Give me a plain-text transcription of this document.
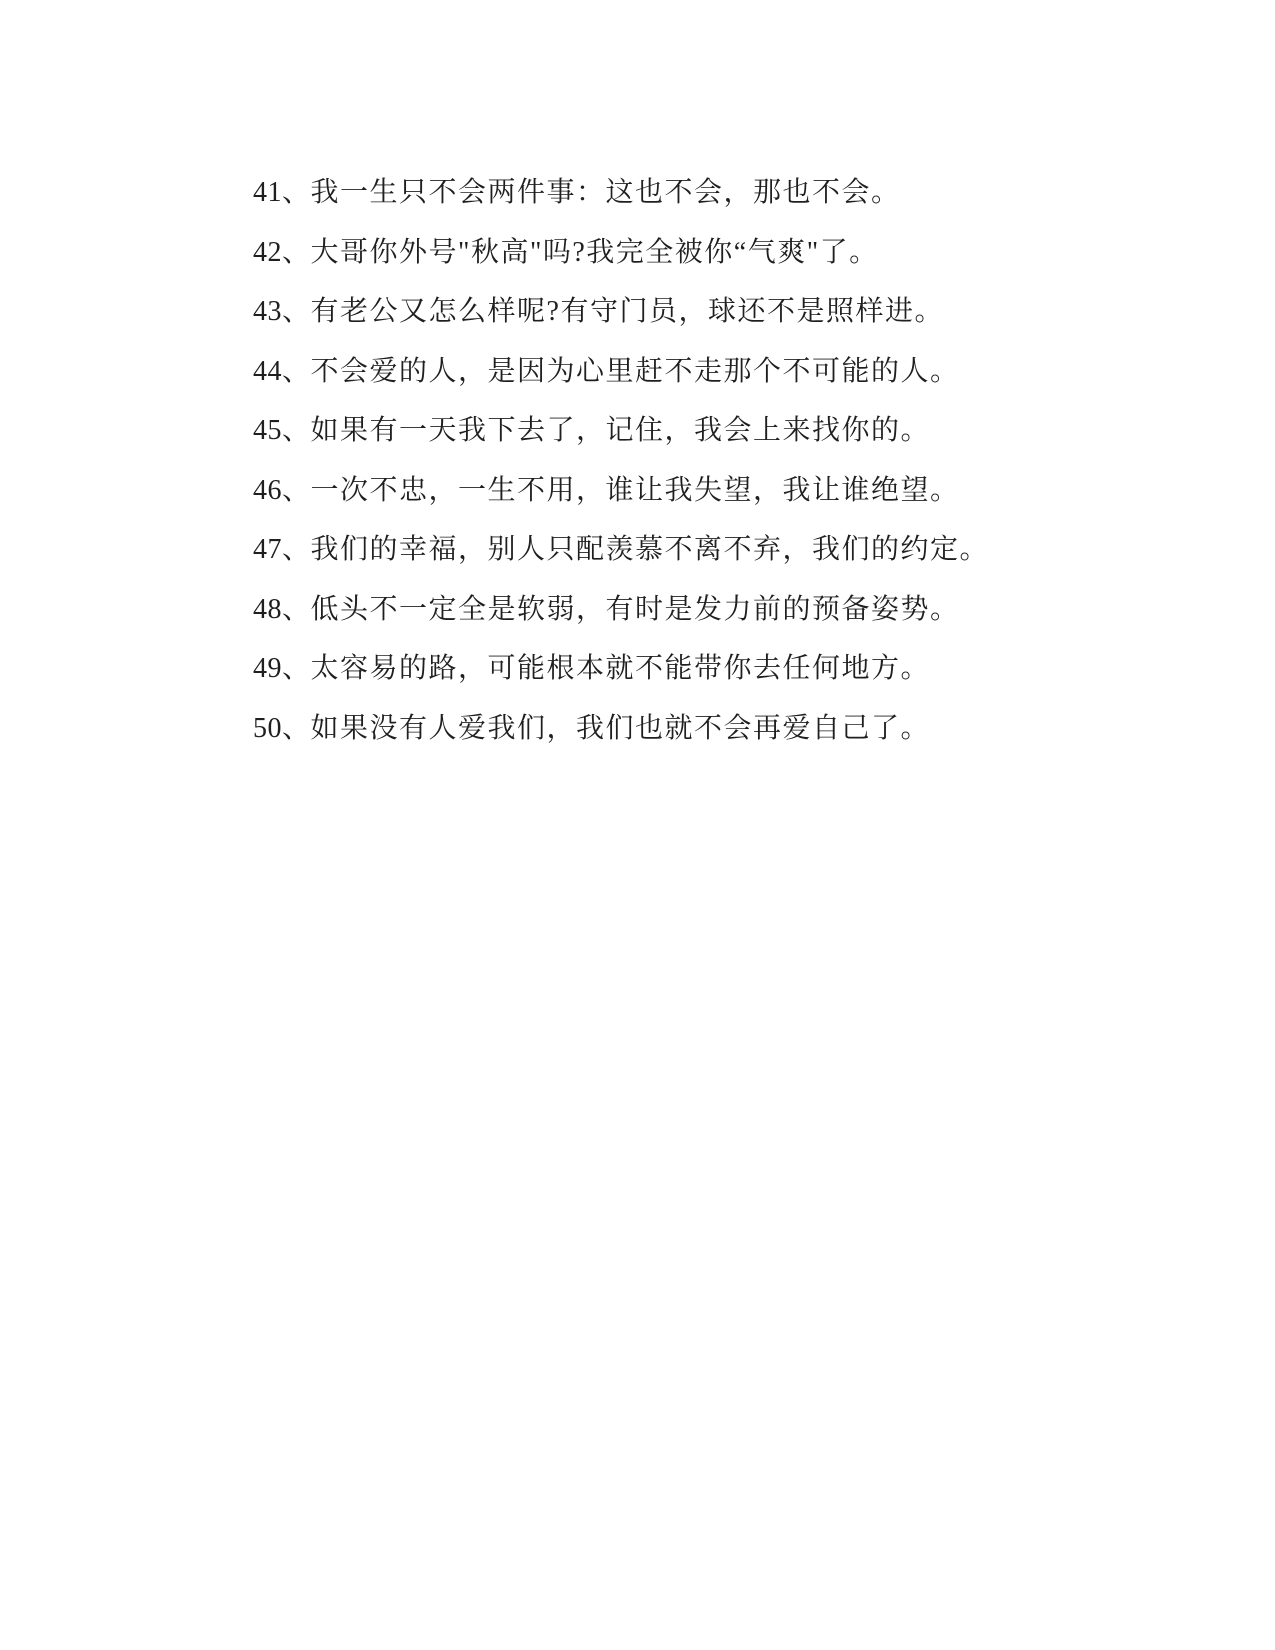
41、我一生只不会两件事：这也不会，那也不会。
42、大哥你外号"秋高"吗?我完全被你“气爽"了。
43、有老公又怎么样呢?有守门员，球还不是照样进。
44、不会爱的人，是因为心里赶不走那个不可能的人。
45、如果有一天我下去了，记住，我会上来找你的。
46、一次不忠，一生不用，谁让我失望，我让谁绝望。
47、我们的幸福，别人只配羡慕不离不弃，我们的约定。
48、低头不一定全是软弱，有时是发力前的预备姿势。
49、太容易的路，可能根本就不能带你去任何地方。
50、如果没有人爱我们，我们也就不会再爱自己了。
